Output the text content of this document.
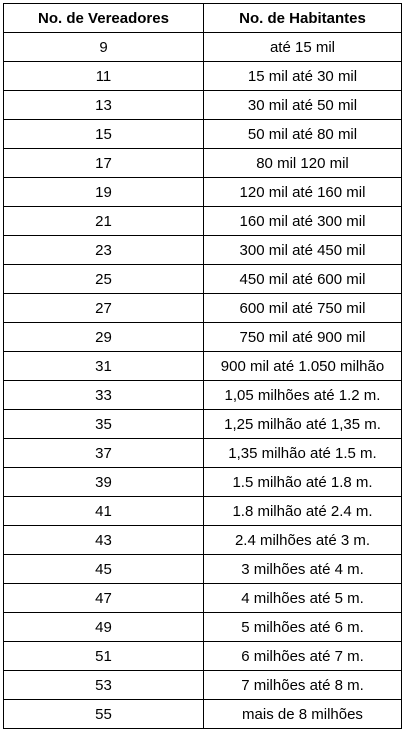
No. de Vereadores	No. de Habitantes
9	até 15 mil
11	15 mil até 30 mil
13	30 mil até 50 mil
15	50 mil até 80 mil
17	80 mil 120 mil
19	120 mil até 160 mil
21	160 mil até 300 mil
23	300 mil até 450 mil
25	450 mil até 600 mil
27	600 mil até 750 mil
29	750 mil até 900 mil
31	900 mil até 1.050 milhão
33	1,05 milhões até 1.2 m.
35	1,25 milhão até 1,35 m.
37	1,35 milhão até 1.5 m.
39	1.5 milhão até 1.8 m.
41	1.8 milhão até 2.4 m.
43	2.4 milhões até 3 m.
45	3 milhões até 4 m.
47	4 milhões até 5 m.
49	5 milhões até 6 m.
51	6 milhões até 7 m.
53	7 milhões até 8 m.
55	mais de 8 milhões
